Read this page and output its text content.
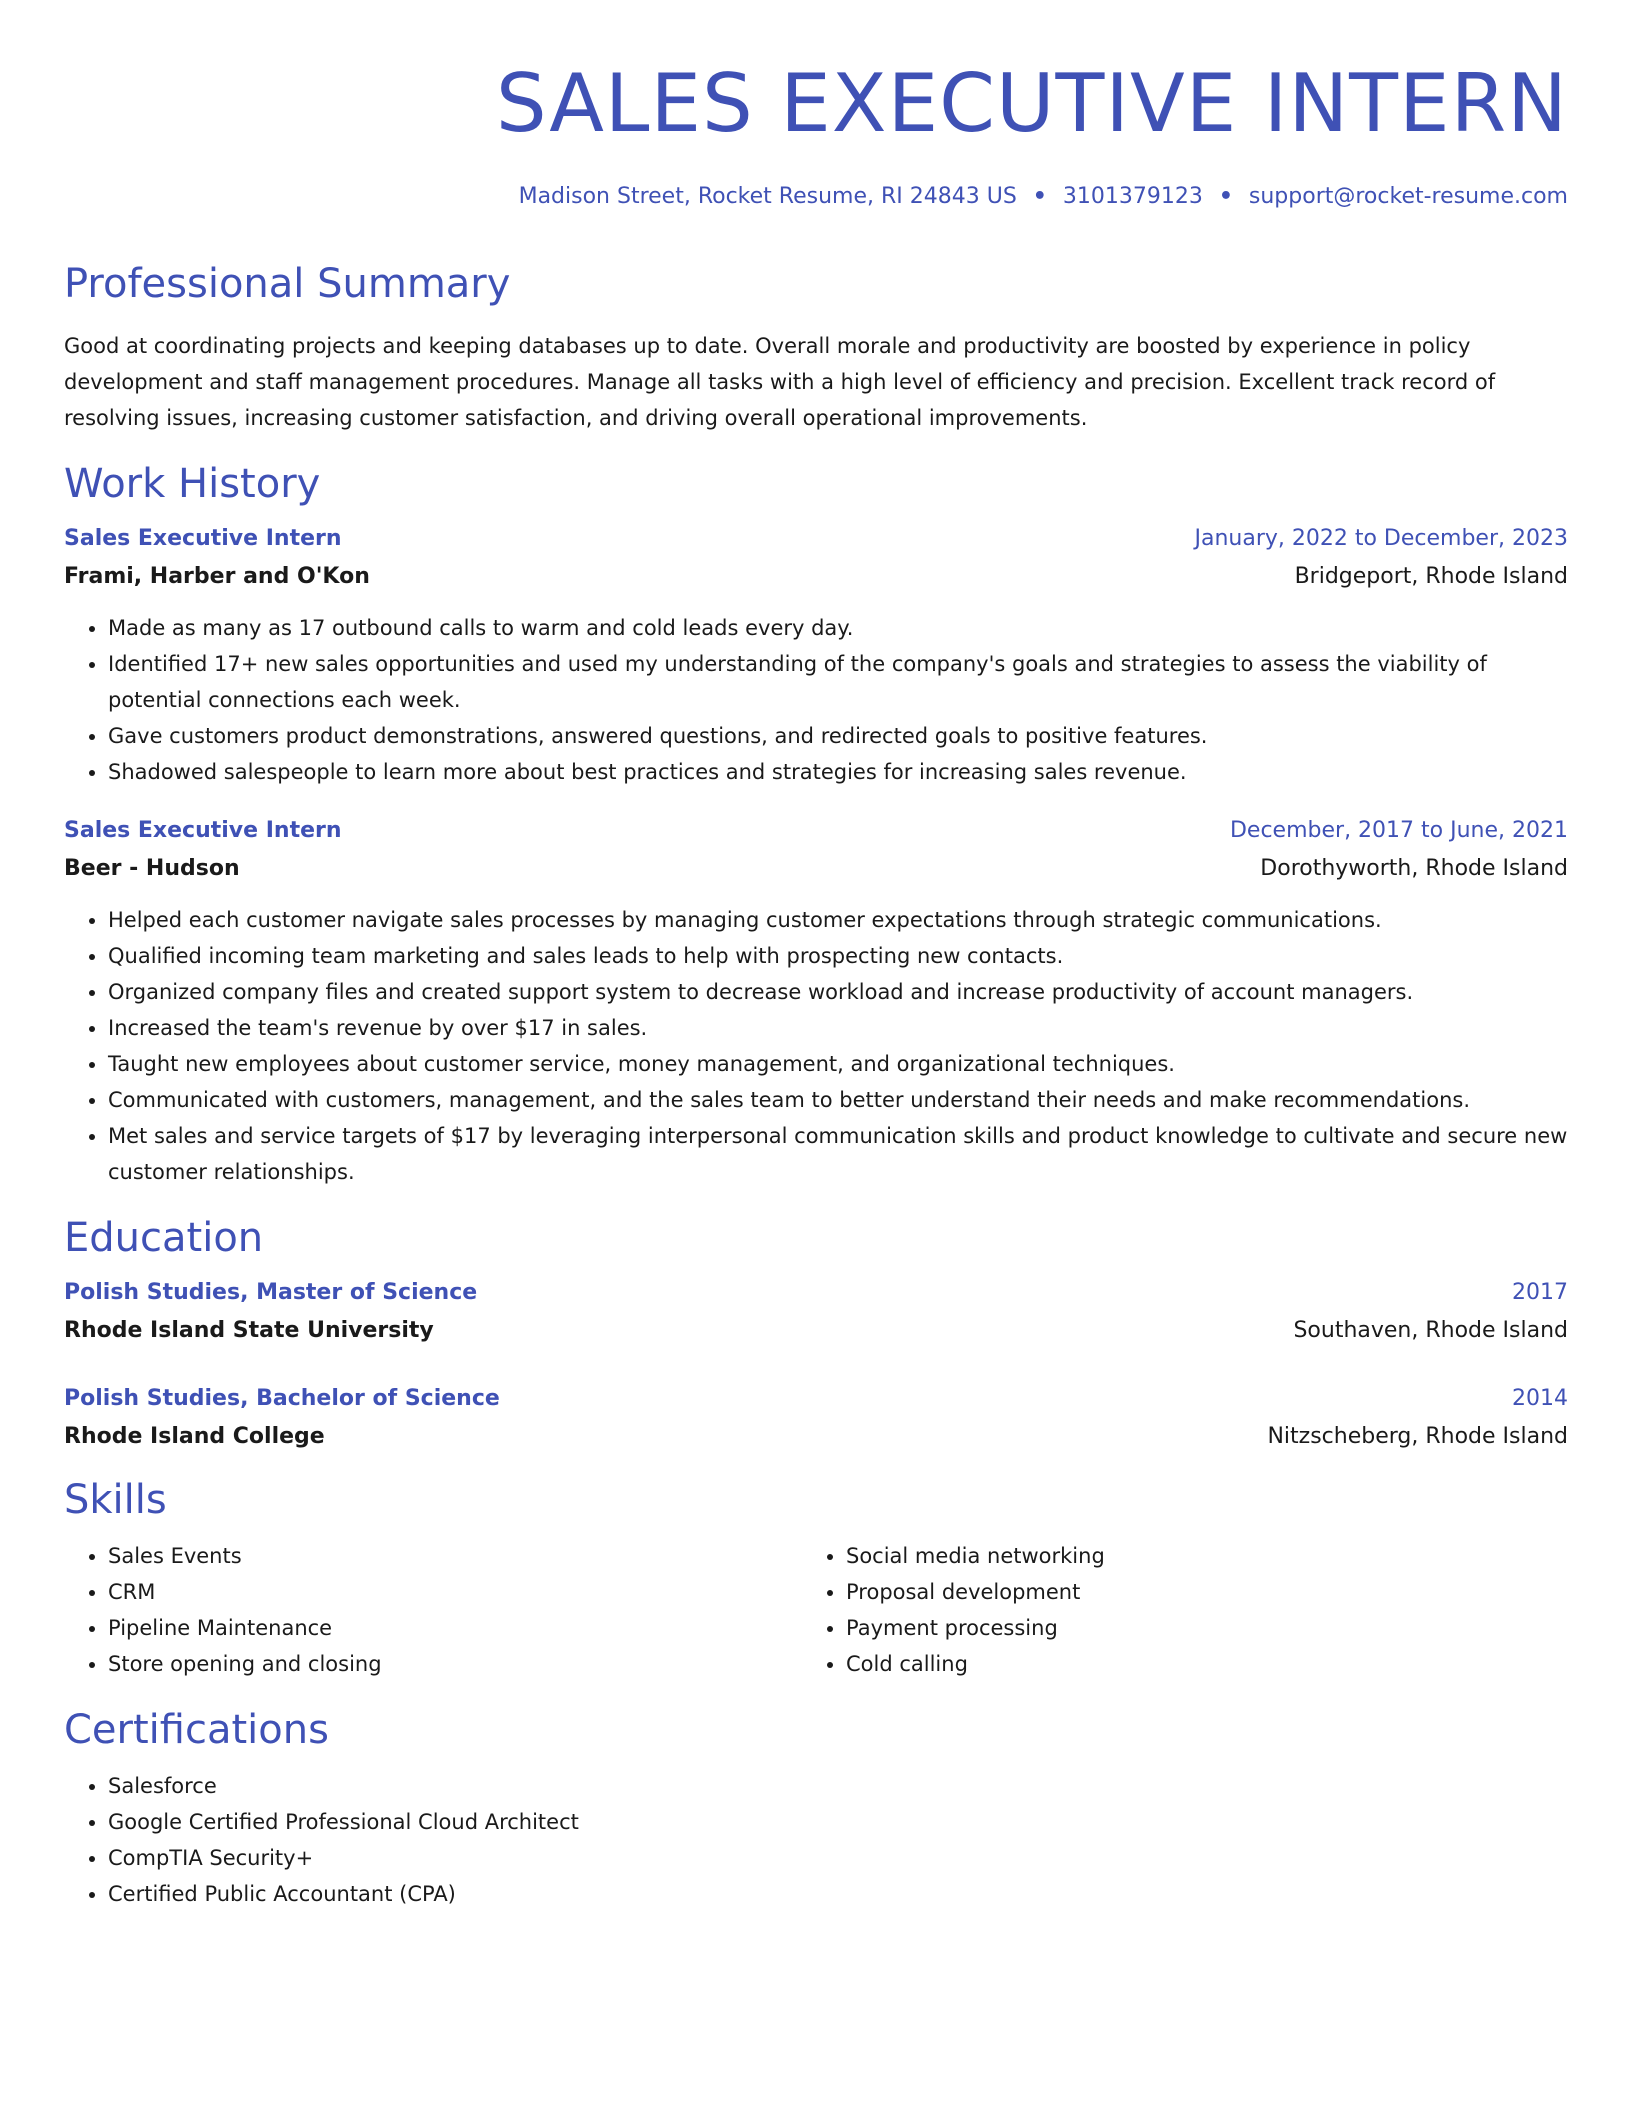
SALES EXECUTIVE INTERN
Madison Street, Rocket Resume, RI 24843 US • 3101379123 • support@rocket-resume.com
Professional Summary
Good at coordinating projects and keeping databases up to date. Overall morale and productivity are boosted by experience in policy development and staff management procedures. Manage all tasks with a high level of efficiency and precision. Excellent track record of resolving issues, increasing customer satisfaction, and driving overall operational improvements.
Work History
Sales Executive Intern	January, 2022 to December, 2023
Frami, Harber and O'Kon	Bridgeport, Rhode Island
• Made as many as 17 outbound calls to warm and cold leads every day.
• Identified 17+ new sales opportunities and used my understanding of the company's goals and strategies to assess the viability of potential connections each week.
• Gave customers product demonstrations, answered questions, and redirected goals to positive features.
• Shadowed salespeople to learn more about best practices and strategies for increasing sales revenue.
Sales Executive Intern	December, 2017 to June, 2021
Beer - Hudson	Dorothyworth, Rhode Island
• Helped each customer navigate sales processes by managing customer expectations through strategic communications.
• Qualified incoming team marketing and sales leads to help with prospecting new contacts.
• Organized company files and created support system to decrease workload and increase productivity of account managers.
• Increased the team's revenue by over $17 in sales.
• Taught new employees about customer service, money management, and organizational techniques.
• Communicated with customers, management, and the sales team to better understand their needs and make recommendations.
• Met sales and service targets of $17 by leveraging interpersonal communication skills and product knowledge to cultivate and secure new customer relationships.
Education
Polish Studies, Master of Science	2017
Rhode Island State University	Southaven, Rhode Island
Polish Studies, Bachelor of Science	2014
Rhode Island College	Nitzscheberg, Rhode Island
Skills
• Sales Events
• CRM
• Pipeline Maintenance
• Store opening and closing
• Social media networking
• Proposal development
• Payment processing
• Cold calling
Certifications
• Salesforce
• Google Certified Professional Cloud Architect
• CompTIA Security+
• Certified Public Accountant (CPA)
